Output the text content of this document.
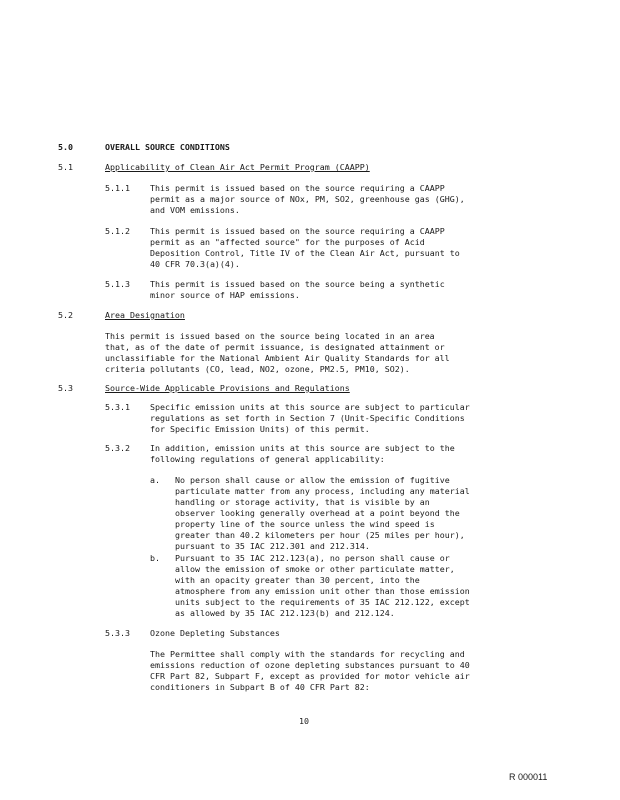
5.0	OVERALL SOURCE CONDITIONS
5.1	Applicability of Clean Air Act Permit Program (CAAPP)
5.1.1 This permit is issued based on the source requiring a CAAPP
permit as a major source of NOx, PM, SO2, greenhouse gas (GHG),
and VOM emissions.
5.1.2 This permit is issued based on the source requiring a CAAPP
permit as an "affected source" for the purposes of Acid
Deposition Control, Title IV of the Clean Air Act, pursuant to
40 CFR 70.3(a)(4).
5.1.3 This permit is issued based on the source being a synthetic
minor source of HAP emissions.
5.2	Area Designation
This permit is issued based on the source being located in an area
that, as of the date of permit issuance, is designated attainment or
unclassifiable for the National Ambient Air Quality Standards for all
criteria pollutants (CO, lead, NO2, ozone, PM2.5, PM10, SO2).
5.3	Source-Wide Applicable Provisions and Regulations
5.3.1 Specific emission units at this source are subject to particular
regulations as set forth in Section 7 (Unit-Specific Conditions
for Specific Emission Units) of this permit.
5.3.2 In addition, emission units at this source are subject to the
following regulations of general applicability:
a. No person shall cause or allow the emission of fugitive
particulate matter from any process, including any material
handling or storage activity, that is visible by an
observer looking generally overhead at a point beyond the
property line of the source unless the wind speed is
greater than 40.2 kilometers per hour (25 miles per hour),
pursuant to 35 IAC 212.301 and 212.314.
b. Pursuant to 35 IAC 212.123(a), no person shall cause or
allow the emission of smoke or other particulate matter,
with an opacity greater than 30 percent, into the
atmosphere from any emission unit other than those emission
units subject to the requirements of 35 IAC 212.122, except
as allowed by 35 IAC 212.123(b) and 212.124.
5.3.3 Ozone Depleting Substances
The Permittee shall comply with the standards for recycling and
emissions reduction of ozone depleting substances pursuant to 40
CFR Part 82, Subpart F, except as provided for motor vehicle air
conditioners in Subpart B of 40 CFR Part 82:
10
R 000011
